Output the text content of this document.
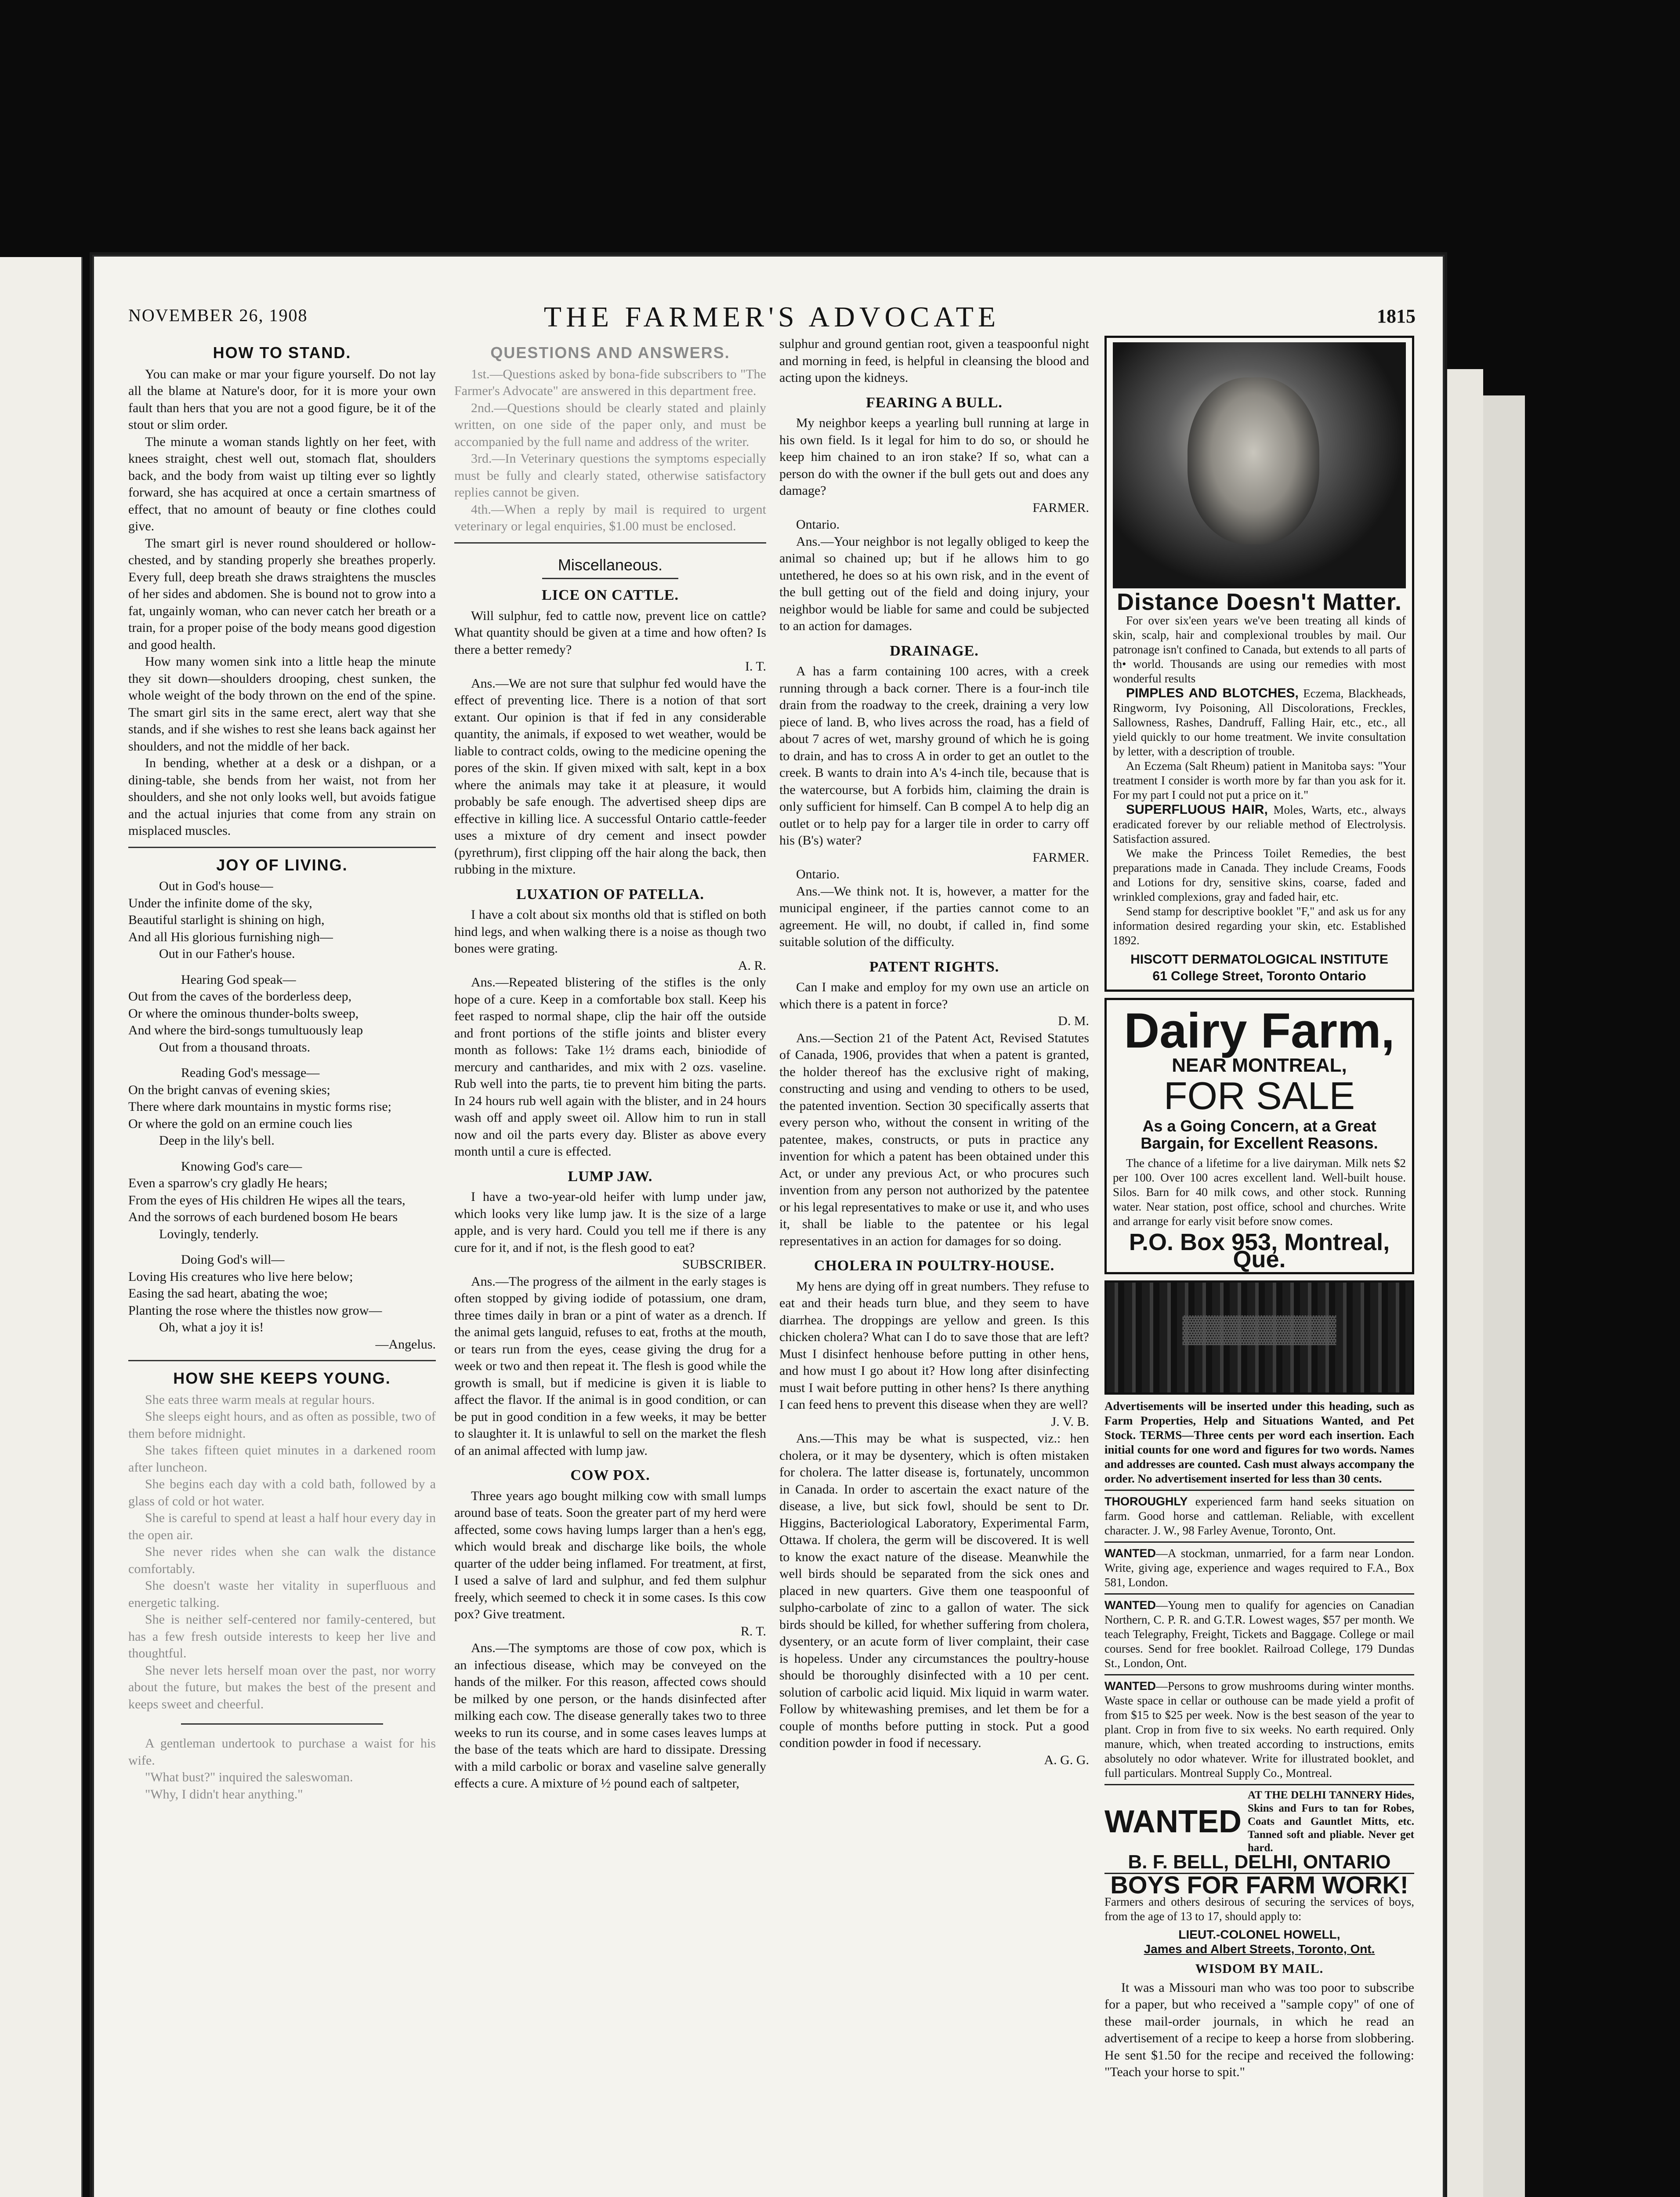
NOVEMBER 26, 1908	THE FARMER'S ADVOCATE	1815
HOW TO STAND.

You can make or mar your figure yourself. Do not lay all the blame at Nature's door, for it is more your own fault than hers that you are not a good figure, be it of the stout or slim order.

The minute a woman stands lightly on her feet, with knees straight, chest well out, stomach flat, shoulders back, and the body from waist up tilting ever so lightly forward, she has acquired at once a certain smartness of effect, that no amount of beauty or fine clothes could give.

The smart girl is never round shouldered or hollow-chested, and by standing properly she breathes properly. Every full, deep breath she draws straightens the muscles of her sides and abdomen. She is bound not to grow into a fat, ungainly woman, who can never catch her breath or a train, for a proper poise of the body means good digestion and good health.

How many women sink into a little heap the minute they sit down—shoulders drooping, chest sunken, the whole weight of the body thrown on the end of the spine. The smart girl sits in the same erect, alert way that she stands, and if she wishes to rest she leans back against her shoulders, and not the middle of her back.

In bending, whether at a desk or a dishpan, or a dining-table, she bends from her waist, not from her shoulders, and she not only looks well, but avoids fatigue and the actual injuries that come from any strain on misplaced muscles.

JOY OF LIVING.

Out in God's house—

Under the infinite dome of the sky,

Beautiful starlight is shining on high,

And all His glorious furnishing nigh—

Out in our Father's house.

Hearing God speak—

Out from the caves of the borderless deep,

Or where the ominous thunder-bolts sweep,

And where the bird-songs tumultuously leap

Out from a thousand throats.

Reading God's message—

On the bright canvas of evening skies;

There where dark mountains in mystic forms rise;

Or where the gold on an ermine couch lies

Deep in the lily's bell.

Knowing God's care—

Even a sparrow's cry gladly He hears;

From the eyes of His children He wipes all the tears,

And the sorrows of each burdened bosom He bears

Lovingly, tenderly.

Doing God's will—

Loving His creatures who live here below;

Easing the sad heart, abating the woe;

Planting the rose where the thistles now grow—

Oh, what a joy it is!

—Angelus.

HOW SHE KEEPS YOUNG.

She eats three warm meals at regular hours.

She sleeps eight hours, and as often as possible, two of them before midnight.

She takes fifteen quiet minutes in a darkened room after luncheon.

She begins each day with a cold bath, followed by a glass of cold or hot water.

She is careful to spend at least a half hour every day in the open air.

She never rides when she can walk the distance comfortably.

She doesn't waste her vitality in superfluous and energetic talking.

She is neither self-centered nor family-centered, but has a few fresh outside interests to keep her live and thoughtful.

She never lets herself moan over the past, nor worry about the future, but makes the best of the present and keeps sweet and cheerful.

A gentleman undertook to purchase a waist for his wife.

"What bust?" inquired the saleswoman.

"Why, I didn't hear anything."

QUESTIONS AND ANSWERS.

1st.—Questions asked by bona-fide subscribers to "The Farmer's Advocate" are answered in this department free.

2nd.—Questions should be clearly stated and plainly written, on one side of the paper only, and must be accompanied by the full name and address of the writer.

3rd.—In Veterinary questions the symptoms especially must be fully and clearly stated, otherwise satisfactory replies cannot be given.

4th.—When a reply by mail is required to urgent veterinary or legal enquiries, $1.00 must be enclosed.

Miscellaneous.
LICE ON CATTLE.

Will sulphur, fed to cattle now, prevent lice on cattle? What quantity should be given at a time and how often? Is there a better remedy?

I. T.

Ans.—We are not sure that sulphur fed would have the effect of preventing lice. There is a notion of that sort extant. Our opinion is that if fed in any considerable quantity, the animals, if exposed to wet weather, would be liable to contract colds, owing to the medicine opening the pores of the skin. If given mixed with salt, kept in a box where the animals may take it at pleasure, it would probably be safe enough. The advertised sheep dips are effective in killing lice. A successful Ontario cattle-feeder uses a mixture of dry cement and insect powder (pyrethrum), first clipping off the hair along the back, then rubbing in the mixture.

LUXATION OF PATELLA.

I have a colt about six months old that is stifled on both hind legs, and when walking there is a noise as though two bones were grating.

A. R.

Ans.—Repeated blistering of the stifles is the only hope of a cure. Keep in a comfortable box stall. Keep his feet rasped to normal shape, clip the hair off the outside and front portions of the stifle joints and blister every month as follows: Take 1½ drams each, biniodide of mercury and cantharides, and mix with 2 ozs. vaseline. Rub well into the parts, tie to prevent him biting the parts. In 24 hours rub well again with the blister, and in 24 hours wash off and apply sweet oil. Allow him to run in stall now and oil the parts every day. Blister as above every month until a cure is effected.

LUMP JAW.

I have a two-year-old heifer with lump under jaw, which looks very like lump jaw. It is the size of a large apple, and is very hard. Could you tell me if there is any cure for it, and if not, is the flesh good to eat?

SUBSCRIBER.

Ans.—The progress of the ailment in the early stages is often stopped by giving iodide of potassium, one dram, three times daily in bran or a pint of water as a drench. If the animal gets languid, refuses to eat, froths at the mouth, or tears run from the eyes, cease giving the drug for a week or two and then repeat it. The flesh is good while the growth is small, but if medicine is given it is liable to affect the flavor. If the animal is in good condition, or can be put in good condition in a few weeks, it may be better to slaughter it. It is unlawful to sell on the market the flesh of an animal affected with lump jaw.

COW POX.

Three years ago bought milking cow with small lumps around base of teats. Soon the greater part of my herd were affected, some cows having lumps larger than a hen's egg, which would break and discharge like boils, the whole quarter of the udder being inflamed. For treatment, at first, I used a salve of lard and sulphur, and fed them sulphur freely, which seemed to check it in some cases. Is this cow pox? Give treatment.

R. T.

Ans.—The symptoms are those of cow pox, which is an infectious disease, which may be conveyed on the hands of the milker. For this reason, affected cows should be milked by one person, or the hands disinfected after milking each cow. The disease generally takes two to three weeks to run its course, and in some cases leaves lumps at the base of the teats which are hard to dissipate. Dressing with a mild carbolic or borax and vaseline salve generally effects a cure. A mixture of ½ pound each of saltpeter,

sulphur and ground gentian root, given a teaspoonful night and morning in feed, is helpful in cleansing the blood and acting upon the kidneys.

FEARING A BULL.

My neighbor keeps a yearling bull running at large in his own field. Is it legal for him to do so, or should he keep him chained to an iron stake? If so, what can a person do with the owner if the bull gets out and does any damage?

FARMER.

Ontario.

Ans.—Your neighbor is not legally obliged to keep the animal so chained up; but if he allows him to go untethered, he does so at his own risk, and in the event of the bull getting out of the field and doing injury, your neighbor would be liable for same and could be subjected to an action for damages.

DRAINAGE.

A has a farm containing 100 acres, with a creek running through a back corner. There is a four-inch tile drain from the roadway to the creek, draining a very low piece of land. B, who lives across the road, has a field of about 7 acres of wet, marshy ground of which he is going to drain, and has to cross A in order to get an outlet to the creek. B wants to drain into A's 4-inch tile, because that is the watercourse, but A forbids him, claiming the drain is only sufficient for himself. Can B compel A to help dig an outlet or to help pay for a larger tile in order to carry off his (B's) water?

FARMER.

Ontario.

Ans.—We think not. It is, however, a matter for the municipal engineer, if the parties cannot come to an agreement. He will, no doubt, if called in, find some suitable solution of the difficulty.

PATENT RIGHTS.

Can I make and employ for my own use an article on which there is a patent in force?

D. M.

Ans.—Section 21 of the Patent Act, Revised Statutes of Canada, 1906, provides that when a patent is granted, the holder thereof has the exclusive right of making, constructing and using and vending to others to be used, the patented invention. Section 30 specifically asserts that every person who, without the consent in writing of the patentee, makes, constructs, or puts in practice any invention for which a patent has been obtained under this Act, or under any previous Act, or who procures such invention from any person not authorized by the patentee or his legal representatives to make or use it, and who uses it, shall be liable to the patentee or his legal representatives in an action for damages for so doing.

CHOLERA IN POULTRY-HOUSE.

My hens are dying off in great numbers. They refuse to eat and their heads turn blue, and they seem to have diarrhea. The droppings are yellow and green. Is this chicken cholera? What can I do to save those that are left? Must I disinfect henhouse before putting in other hens, and how must I go about it? How long after disinfecting must I wait before putting in other hens? Is there anything I can feed hens to prevent this disease when they are well?

J. V. B.

Ans.—This may be what is suspected, viz.: hen cholera, or it may be dysentery, which is often mistaken for cholera. The latter disease is, fortunately, uncommon in Canada. In order to ascertain the exact nature of the disease, a live, but sick fowl, should be sent to Dr. Higgins, Bacteriological Laboratory, Experimental Farm, Ottawa. If cholera, the germ will be discovered. It is well to know the exact nature of the disease. Meanwhile the well birds should be separated from the sick ones and placed in new quarters. Give them one teaspoonful of sulpho-carbolate of zinc to a gallon of water. The sick birds should be killed, for whether suffering from cholera, dysentery, or an acute form of liver complaint, their case is hopeless. Under any circumstances the poultry-house should be thoroughly disinfected with a 10 per cent. solution of carbolic acid liquid. Mix liquid in warm water. Follow by whitewashing premises, and let them be for a couple of months before putting in stock. Put a good condition powder in food if necessary.

A. G. G.

Distance Doesn't Matter.

For over six'een years we've been treating all kinds of skin, scalp, hair and complexional troubles by mail. Our patronage isn't confined to Canada, but extends to all parts of th• world. Thousands are using our remedies with most wonderful results

PIMPLES AND BLOTCHES, Eczema, Blackheads, Ringworm, Ivy Poisoning, All Discolorations, Freckles, Sallowness, Rashes, Dandruff, Falling Hair, etc., etc., all yield quickly to our home treatment. We invite consultation by letter, with a description of trouble.

An Eczema (Salt Rheum) patient in Manitoba says: "Your treatment I consider is worth more by far than you ask for it. For my part I could not put a price on it."

SUPERFLUOUS HAIR, Moles, Warts, etc., always eradicated forever by our reliable method of Electrolysis. Satisfaction assured.

We make the Princess Toilet Remedies, the best preparations made in Canada. They include Creams, Foods and Lotions for dry, sensitive skins, coarse, faded and wrinkled complexions, gray and faded hair, etc.

Send stamp for descriptive booklet "F," and ask us for any information desired regarding your skin, etc. Established 1892.

HISCOTT DERMATOLOGICAL INSTITUTE
61 College Street, Toronto Ontario
Dairy Farm,
NEAR MONTREAL,
FOR SALE
As a Going Concern, at a Great
Bargain, for Excellent Reasons.

The chance of a lifetime for a live dairyman. Milk nets $2 per 100. Over 100 acres excellent land. Well-built house. Silos. Barn for 40 milk cows, and other stock. Running water. Near station, post office, school and churches. Write and arrange for early visit before snow comes.

P.O. Box 953, Montreal, Que.
▓▓▓▓▓▓▓▓

Advertisements will be inserted under this heading, such as Farm Properties, Help and Situations Wanted, and Pet Stock. TERMS—Three cents per word each insertion. Each initial counts for one word and figures for two words. Names and addresses are counted. Cash must always accompany the order. No advertisement inserted for less than 30 cents.

THOROUGHLY experienced farm hand seeks situation on farm. Good horse and cattleman. Reliable, with excellent character. J. W., 98 Farley Avenue, Toronto, Ont.

WANTED—A stockman, unmarried, for a farm near London. Write, giving age, experience and wages required to F.A., Box 581, London.

WANTED—Young men to qualify for agencies on Canadian Northern, C. P. R. and G.T.R. Lowest wages, $57 per month. We teach Telegraphy, Freight, Tickets and Baggage. College or mail courses. Send for free booklet. Railroad College, 179 Dundas St., London, Ont.

WANTED—Persons to grow mushrooms during winter months. Waste space in cellar or outhouse can be made yield a profit of from $15 to $25 per week. Now is the best season of the year to plant. Crop in from five to six weeks. No earth required. Only manure, which, when treated according to instructions, emits absolutely no odor whatever. Write for illustrated booklet, and full particulars. Montreal Supply Co., Montreal.

WANTED
AT THE DELHI TANNERY Hides, Skins and Furs to tan for Robes, Coats and Gauntlet Mitts, etc. Tanned soft and pliable. Never get hard.
B. F. BELL, DELHI, ONTARIO
BOYS FOR FARM WORK!

Farmers and others desirous of securing the services of boys, from the age of 13 to 17, should apply to:

LIEUT.-COLONEL HOWELL,
James and Albert Streets, Toronto, Ont.
WISDOM BY MAIL.

It was a Missouri man who was too poor to subscribe for a paper, but who received a "sample copy" of one of these mail-order journals, in which he read an advertisement of a recipe to keep a horse from slobbering. He sent $1.50 for the recipe and received the following: "Teach your horse to spit."
